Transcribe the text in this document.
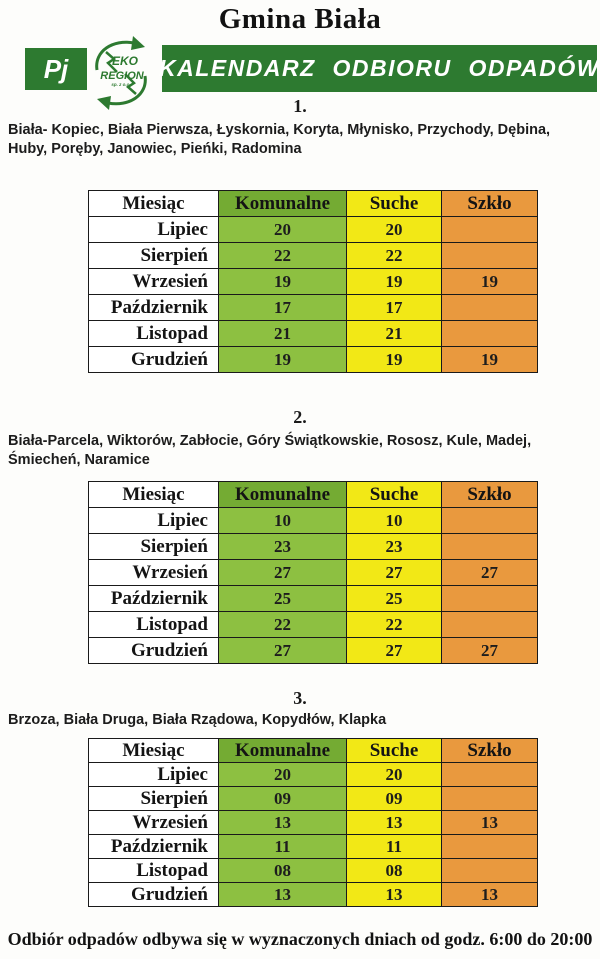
Gmina Biała
Pj	EKO
REGION
sp. z o.o.
KALENDARZ ODBIORU ODPADÓW
1.
Biała- Kopiec, Biała Pierwsza, Łyskornia, Koryta, Młynisko, Przychody, Dębina,
Huby, Poręby, Janowiec, Pieńki, Radomina
Miesiąc	Komunalne	Suche	Szkło
Lipiec	20	20	
Sierpień	22	22	
Wrzesień	19	19	19
Październik	17	17	
Listopad	21	21	
Grudzień	19	19	19
2.
Biała-Parcela, Wiktorów, Zabłocie, Góry Świątkowskie, Rososz, Kule, Madej,
Śmiecheń, Naramice
Miesiąc	Komunalne	Suche	Szkło
Lipiec	10	10	
Sierpień	23	23	
Wrzesień	27	27	27
Październik	25	25	
Listopad	22	22	
Grudzień	27	27	27
3.
Brzoza, Biała Druga, Biała Rządowa, Kopydłów, Klapka
Miesiąc	Komunalne	Suche	Szkło
Lipiec	20	20	
Sierpień	09	09	
Wrzesień	13	13	13
Październik	11	11	
Listopad	08	08	
Grudzień	13	13	13
Odbiór odpadów odbywa się w wyznaczonych dniach od godz. 6:00 do 20:00
